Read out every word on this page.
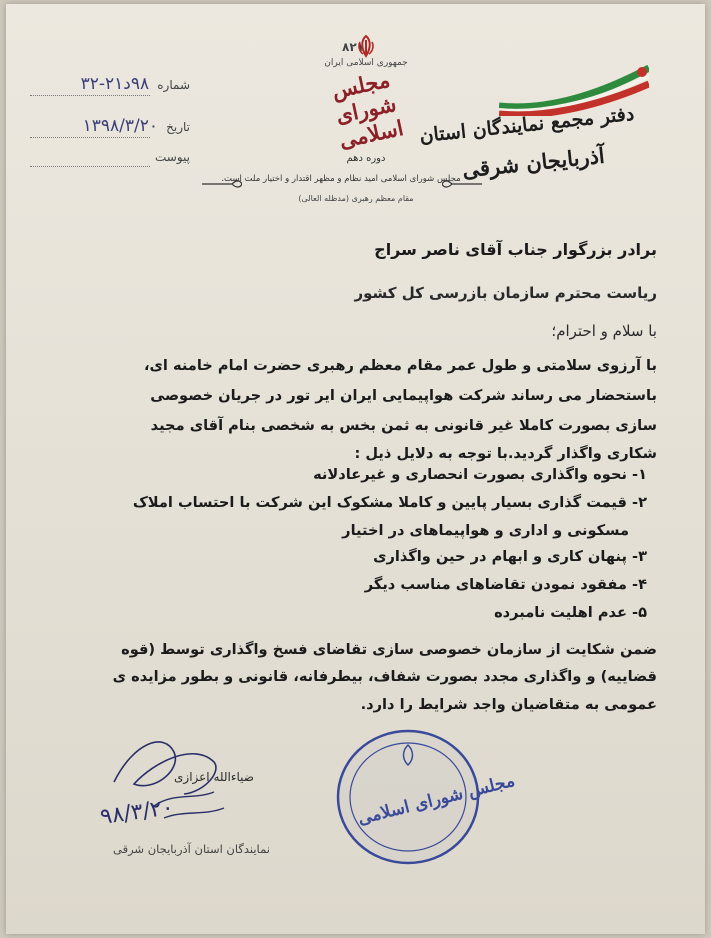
۸۲۱
شماره ۹۸د۲۱-۳۲
تاریخ ۱۳۹۸/۳/۲۰
پیوست
جمهوری اسلامی ایران
مجلس شورای اسلامی
دوره دهم
مجلس شورای اسلامی امید نظام و مظهر اقتدار و اختیار ملت است.
مقام معظم رهبری (مدظله العالی)
دفتر مجمع نمایندگان استان
آذربایجان شرقی
برادر بزرگوار جناب آقای ناصر سراج
ریاست محترم سازمان بازرسی کل کشور
با سلام و احترام؛
با آرزوی سلامتی و طول عمر مقام معظم رهبری حضرت امام خامنه ای،
باستحضار می رساند شرکت هواپیمایی ایران ایر تور در جریان خصوصی
سازی بصورت کاملا غیر قانونی به ثمن بخس به شخصی بنام آقای مجید
شکاری واگذار گردید.با توجه به دلایل ذیل :
۱- نحوه واگذاری بصورت انحصاری و غیرعادلانه
۲- قیمت گذاری بسیار پایین و کاملا مشکوک این شرکت با احتساب املاک
مسکونی و اداری و هواپیماهای در اختیار
۳- پنهان کاری و ابهام در حین واگذاری
۴- مفقود نمودن تقاضاهای مناسب دیگر
۵- عدم اهلیت نامبرده
ضمن شکایت از سازمان خصوصی سازی تقاضای فسخ واگذاری توسط (قوه
قضاییه) و واگذاری مجدد بصورت شفاف، بیطرفانه، قانونی و بطور مزایده ی
عمومی به متقاضیان واجد شرایط را دارد.
ضیاءالله اعزازی
۹۸/۳/۲۰
نمایندگان استان آذربایجان شرقی
مجلس شورای اسلامی
